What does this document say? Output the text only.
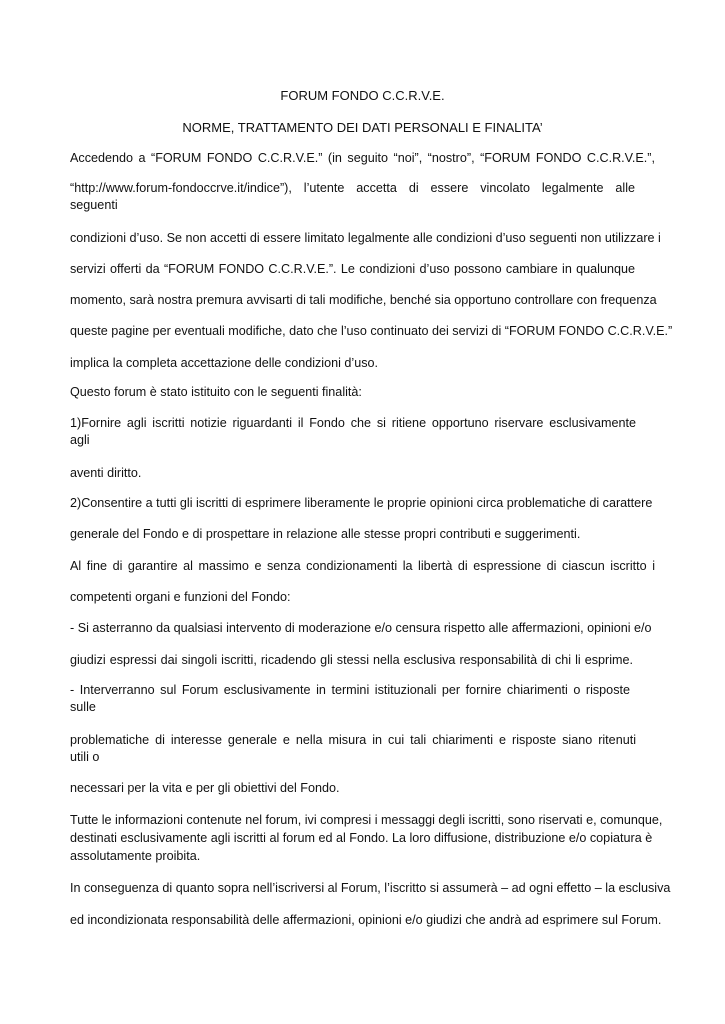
FORUM FONDO C.C.R.V.E.
NORME, TRATTAMENTO DEI DATI PERSONALI E FINALITA’
Accedendo a “FORUM FONDO C.C.R.V.E.” (in seguito “noi”, “nostro”, “FORUM FONDO C.C.R.V.E.”,
“http://www.forum-fondoccrve.it/indice”), l’utente accetta di essere vincolato legalmente alle
seguenti
condizioni d’uso. Se non accetti di essere limitato legalmente alle condizioni d’uso seguenti non utilizzare i
servizi offerti da “FORUM FONDO C.C.R.V.E.”. Le condizioni d’uso possono cambiare in qualunque
momento, sarà nostra premura avvisarti di tali modifiche, benché sia opportuno controllare con frequenza
queste pagine per eventuali modifiche, dato che l’uso continuato dei servizi di “FORUM FONDO C.C.R.V.E.”
implica la completa accettazione delle condizioni d’uso.
Questo forum è stato istituito con le seguenti finalità:
1)Fornire agli iscritti notizie riguardanti il Fondo che si ritiene opportuno riservare esclusivamente
agli
aventi diritto.
2)Consentire a tutti gli iscritti di esprimere liberamente le proprie opinioni circa problematiche di carattere
generale del Fondo e di prospettare in relazione alle stesse propri contributi e suggerimenti.
Al fine di garantire al massimo e senza condizionamenti la libertà di espressione di ciascun iscritto i
competenti organi e funzioni del Fondo:
- Si asterranno da qualsiasi intervento di moderazione e/o censura rispetto alle affermazioni, opinioni e/o
giudizi espressi dai singoli iscritti, ricadendo gli stessi nella esclusiva responsabilità di chi li esprime.
- Interverranno sul Forum esclusivamente in termini istituzionali per fornire chiarimenti o risposte
sulle
problematiche di interesse generale e nella misura in cui tali chiarimenti e risposte siano ritenuti
utili o
necessari per la vita e per gli obiettivi del Fondo.
Tutte le informazioni contenute nel forum, ivi compresi i messaggi degli iscritti, sono riservati e, comunque,
destinati esclusivamente agli iscritti al forum ed al Fondo. La loro diffusione, distribuzione e/o copiatura è
assolutamente proibita.
In conseguenza di quanto sopra nell’iscriversi al Forum, l’iscritto si assumerà – ad ogni effetto – la esclusiva
ed incondizionata responsabilità delle affermazioni, opinioni e/o giudizi che andrà ad esprimere sul Forum.
